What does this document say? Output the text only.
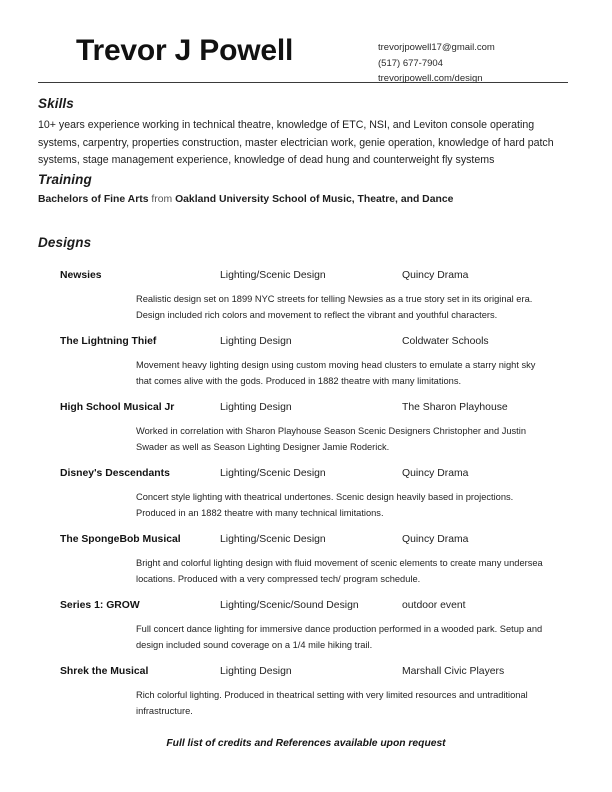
Trevor J Powell	trevorjpowell17@gmail.com
(517) 677-7904
trevorjpowell.com/design
Skills

10+ years experience working in technical theatre, knowledge of ETC, NSI, and Leviton console operating systems, carpentry, properties construction, master electrician work, genie operation, knowledge of hard patch systems, stage management experience, knowledge of dead hung and counterweight fly systems

Training

Bachelors of Fine Arts from Oakland University School of Music, Theatre, and Dance

Designs
Newsies	Lighting/Scenic Design	Quincy Drama
Realistic design set on 1899 NYC streets for telling Newsies as a true story set in its original era. Design included rich colors and movement to reflect the vibrant and youthful characters.
The Lightning Thief	Lighting Design	Coldwater Schools
Movement heavy lighting design using custom moving head clusters to emulate a starry night sky that comes alive with the gods. Produced in 1882 theatre with many limitations.
High School Musical Jr	Lighting Design	The Sharon Playhouse
Worked in correlation with Sharon Playhouse Season Scenic Designers Christopher and Justin Swader as well as Season Lighting Designer Jamie Roderick.
Disney's Descendants	Lighting/Scenic Design	Quincy Drama
Concert style lighting with theatrical undertones. Scenic design heavily based in projections. Produced in an 1882 theatre with many technical limitations.
The SpongeBob Musical	Lighting/Scenic Design	Quincy Drama
Bright and colorful lighting design with fluid movement of scenic elements to create many undersea locations. Produced with a very compressed tech/ program schedule.
Series 1: GROW	Lighting/Scenic/Sound Design	outdoor event
Full concert dance lighting for immersive dance production performed in a wooded park. Setup and design included sound coverage on a 1/4 mile hiking trail.
Shrek the Musical	Lighting Design	Marshall Civic Players
Rich colorful lighting. Produced in theatrical setting with very limited resources and untraditional infrastructure.
Full list of credits and References available upon request
